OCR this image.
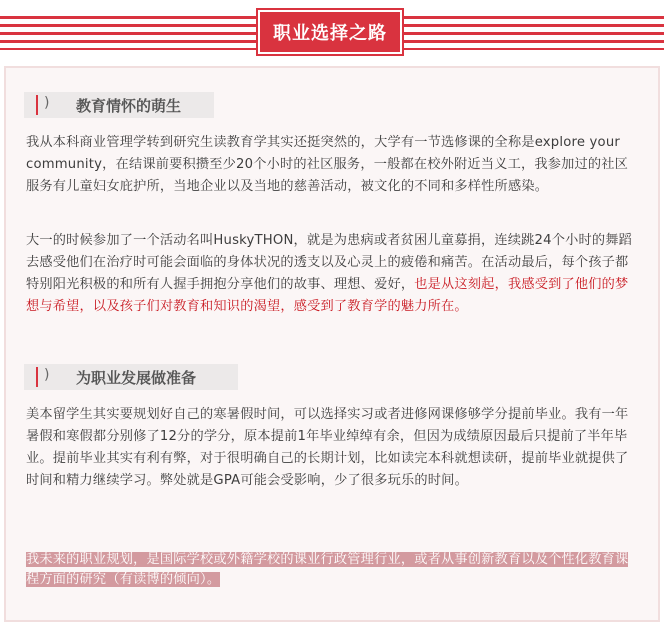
职业选择之路
) 教育情怀的萌生
我从本科商业管理学转到研究生读教育学其实还挺突然的，大学有一节选修课的全称是explore your community，在结课前要积攒至少20个小时的社区服务，一般都在校外附近当义工，我参加过的社区服务有儿童妇女庇护所，当地企业以及当地的慈善活动，被文化的不同和多样性所感染。
大一的时候参加了一个活动名叫HuskyTHON，就是为患病或者贫困儿童募捐，连续跳24个小时的舞蹈去感受他们在治疗时可能会面临的身体状况的透支以及心灵上的疲倦和痛苦。在活动最后，每个孩子都特别阳光积极的和所有人握手拥抱分享他们的故事、理想、爱好，也是从这刻起，我感受到了他们的梦想与希望，以及孩子们对教育和知识的渴望，感受到了教育学的魅力所在。
) 为职业发展做准备
美本留学生其实要规划好自己的寒暑假时间，可以选择实习或者进修网课修够学分提前毕业。我有一年暑假和寒假都分别修了12分的学分，原本提前1年毕业绰绰有余，但因为成绩原因最后只提前了半年毕业。提前毕业其实有利有弊，对于很明确自己的长期计划，比如读完本科就想读研，提前毕业就提供了时间和精力继续学习。弊处就是GPA可能会受影响，少了很多玩乐的时间。
我未来的职业规划，是国际学校或外籍学校的课业行政管理行业，或者从事创新教育以及个性化教育课程方面的研究（有读博的倾向）。
